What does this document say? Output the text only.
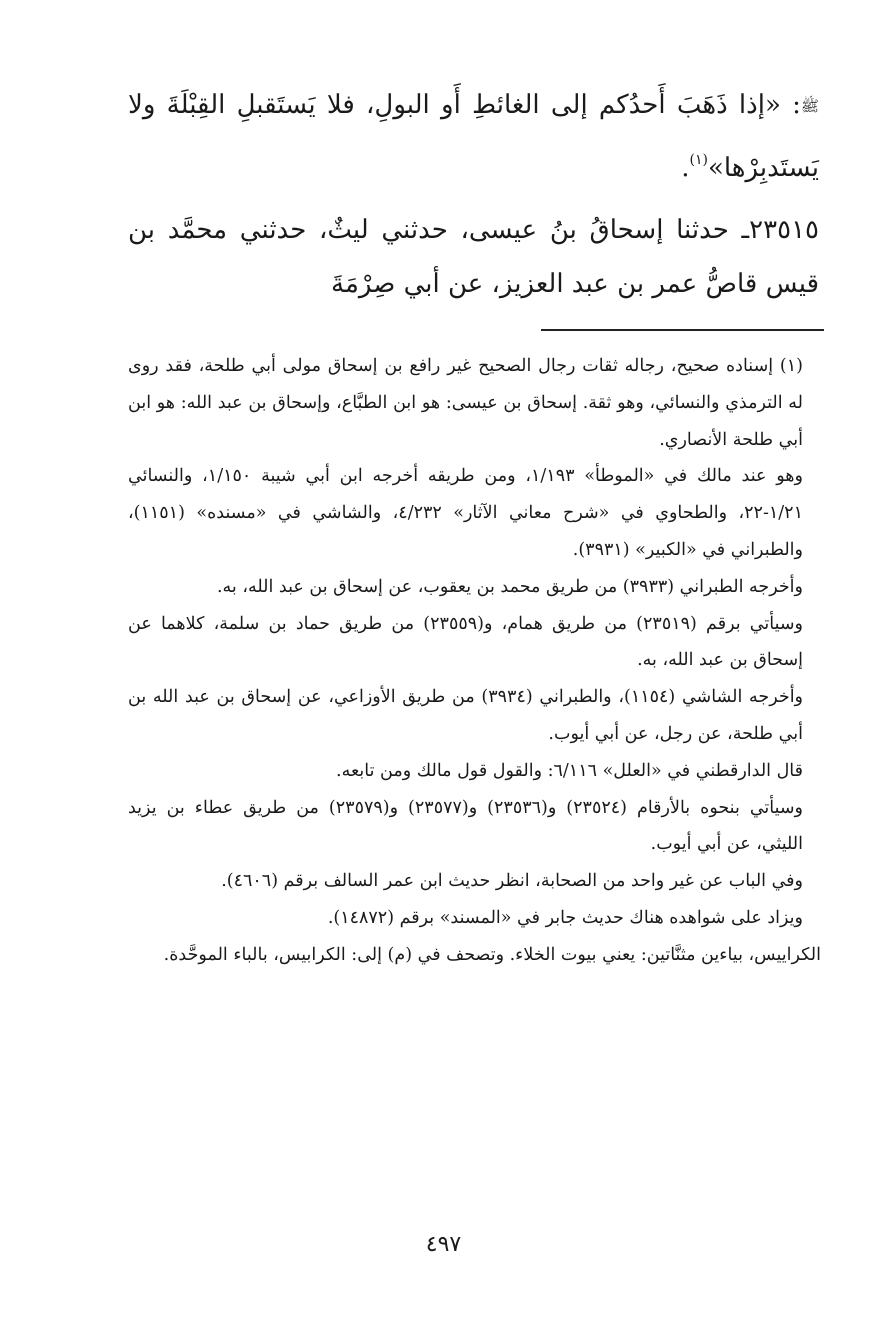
ﷺ: «إذا ذَهَبَ أَحدُكم إلى الغائطِ أَو البولِ، فلا يَستَقبلِ القِبْلَةَ ولا يَستَدبِرْها»$^{(١)}$.

٢٣٥١٥ـ حدثنا إسحاقُ بنُ عيسى، حدثني ليثٌ، حدثني محمَّد بن قيس قاصُّ عمر بن عبد العزيز، عن أبي صِرْمَةَ

(١) إسناده صحيح، رجاله ثقات رجال الصحيح غير رافع بن إسحاق مولى أبي طلحة، فقد روى له الترمذي والنسائي، وهو ثقة. إسحاق بن عيسى: هو ابن الطبَّاع، وإسحاق بن عبد الله: هو ابن أبي طلحة الأنصاري.

وهو عند مالك في «الموطأ» ١/١٩٣، ومن طريقه أخرجه ابن أبي شيبة ١/١٥٠، والنسائي ١/٢١-٢٢، والطحاوي في «شرح معاني الآثار» ٤/٢٣٢، والشاشي في «مسنده» (١١٥١)، والطبراني في «الكبير» (٣٩٣١).

وأخرجه الطبراني (٣٩٣٣) من طريق محمد بن يعقوب، عن إسحاق بن عبد الله، به.

وسيأتي برقم (٢٣٥١٩) من طريق همام، و(٢٣٥٥٩) من طريق حماد بن سلمة، كلاهما عن إسحاق بن عبد الله، به.

وأخرجه الشاشي (١١٥٤)، والطبراني (٣٩٣٤) من طريق الأوزاعي، عن إسحاق بن عبد الله بن أبي طلحة، عن رجل، عن أبي أيوب.

قال الدارقطني في «العلل» ٦/١١٦: والقول قول مالك ومن تابعه.

وسيأتي بنحوه بالأرقام (٢٣٥٢٤) و(٢٣٥٣٦) و(٢٣٥٧٧) و(٢٣٥٧٩) من طريق عطاء بن يزيد الليثي، عن أبي أيوب.

وفي الباب عن غير واحد من الصحابة، انظر حديث ابن عمر السالف برقم (٤٦٠٦).

ويزاد على شواهده هناك حديث جابر في «المسند» برقم (١٤٨٧٢).

الكراييس، بياءين مثنَّاتين: يعني بيوت الخلاء. وتصحف في (م) إلى: الكرابيس، بالباء الموحَّدة.

٤٩٧
